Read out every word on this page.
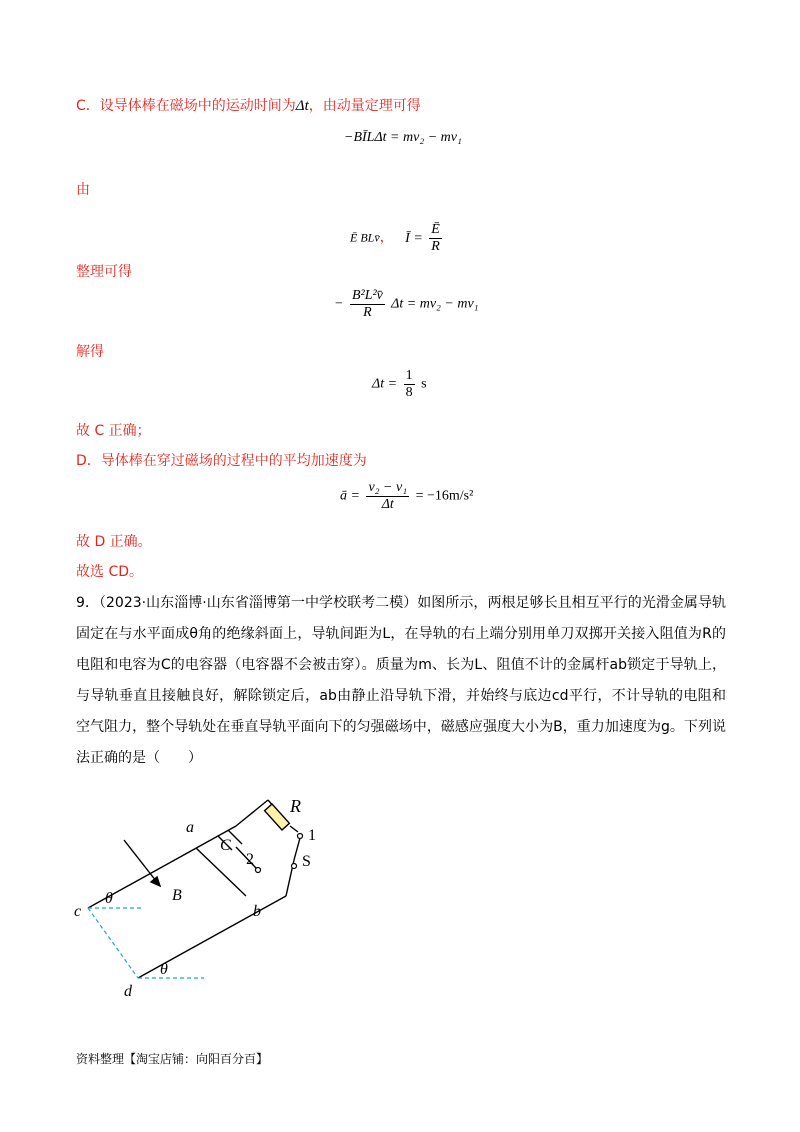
C．设导体棒在磁场中的运动时间为Δt，由动量定理可得
−BĪLΔt = mv₂ − mv₁
由
Ē BLv̄， Ī = $\frac{Ē}{R}$
整理可得
− $\frac{\text{B²L²v̄}}{R}$ Δt = mv₂ − mv₁
解得
$\Delta t = \frac{1}{8}$ s
故 C 正确；
D．导体棒在穿过磁场的过程中的平均加速度为
ā = $\frac{\text{v₂ − v₁}}{\Delta t} = -16m/s^2$
故 D 正确。
故选 CD。
9．（2023·山东淄博·山东省淄博第一中学校联考二模）如图所示，两根足够长且相互平行的光滑金属导轨固定在与水平面成θ角的绝缘斜面上，导轨间距为L，在导轨的右上端分别用单刀双掷开关接入阻值为R的电阻和电容为C的电容器（电容器不会被击穿）。质量为m、长为L、阻值不计的金属杆ab锁定于导轨上，与导轨垂直且接触良好，解除锁定后，ab由静止沿导轨下滑，并始终与底边cd平行，不计导轨的电阻和空气阻力，整个导轨处在垂直导轨平面向下的匀强磁场中，磁感应强度大小为B，重力加速度为g。下列说法正确的是（　　）
R
a
C
1
2	S
B
b
c
θ
θ
d
资料整理【淘宝店铺：向阳百分百】
